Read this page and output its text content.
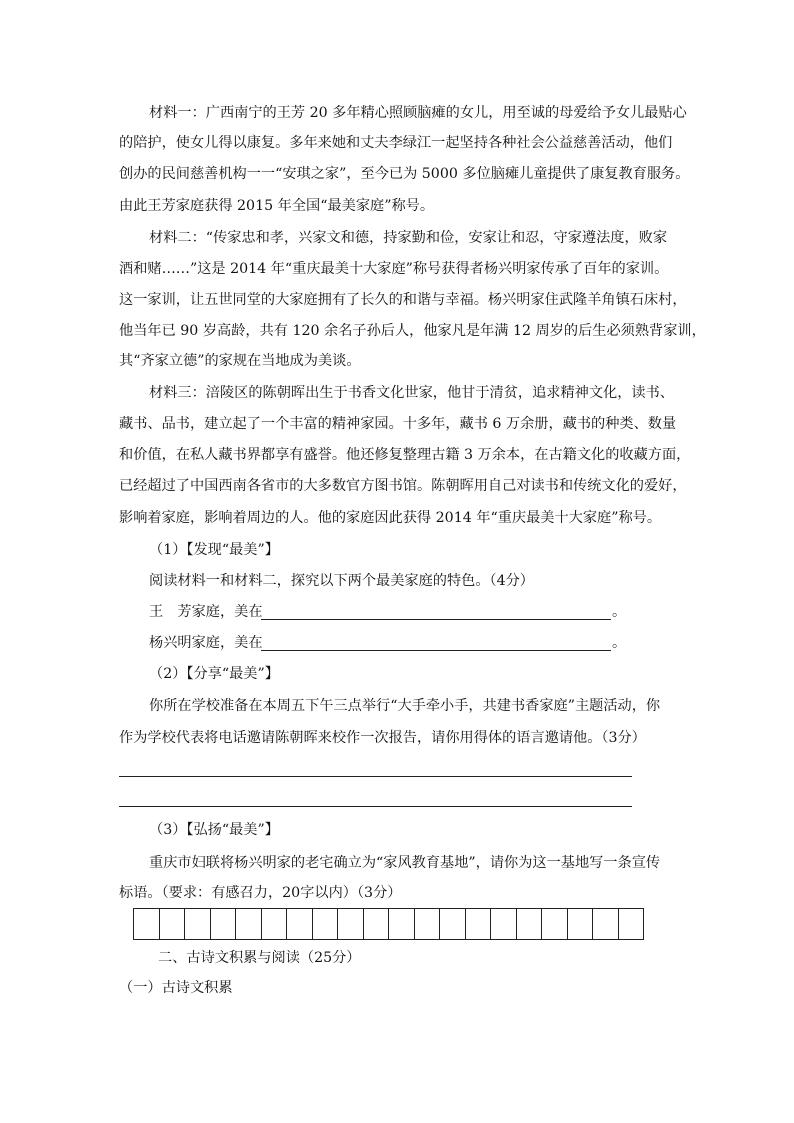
材料一：广西南宁的王芳 20 多年精心照顾脑瘫的女儿，用至诚的母爱给予女儿最贴心
的陪护，使女儿得以康复。多年来她和丈夫李绿江一起坚持各种社会公益慈善活动，他们
创办的民间慈善机构一一“安琪之家”，至今已为 5000 多位脑瘫儿童提供了康复教育服务。
由此王芳家庭获得 2015 年全国“最美家庭”称号。
材料二：“传家忠和孝，兴家文和德，持家勤和俭，安家让和忍，守家遵法度，败家
酒和赌……”这是 2014 年“重庆最美十大家庭”称号获得者杨兴明家传承了百年的家训。
这一家训，让五世同堂的大家庭拥有了长久的和谐与幸福。杨兴明家住武隆羊角镇石床村，
他当年已 90 岁高龄，共有 120 余名子孙后人，他家凡是年满 12 周岁的后生必须熟背家训，
其“齐家立德”的家规在当地成为美谈。
材料三：涪陵区的陈朝晖出生于书香文化世家，他甘于清贫，追求精神文化，读书、
藏书、品书，建立起了一个丰富的精神家园。十多年，藏书 6 万余册，藏书的种类、数量
和价值，在私人藏书界都享有盛誉。他还修复整理古籍 3 万余本，在古籍文化的收藏方面，
已经超过了中国西南各省市的大多数官方图书馆。陈朝晖用自己对读书和传统文化的爱好，
影响着家庭，影响着周边的人。他的家庭因此获得 2014 年“重庆最美十大家庭”称号。
（1）【发现“最美”】
阅读材料一和材料二，探究以下两个最美家庭的特色。（4分）
王　芳家庭，美在	。
杨兴明家庭，美在	。
（2）【分享“最美”】
你所在学校准备在本周五下午三点举行“大手牵小手，共建书香家庭”主题活动，你
作为学校代表将电话邀请陈朝晖来校作一次报告，请你用得体的语言邀请他。（3分）
（3）【弘扬“最美”】
重庆市妇联将杨兴明家的老宅确立为“家风教育基地”，请你为这一基地写一条宣传
标语。（要求：有感召力，20字以内）（3分）
二、古诗文积累与阅读（25分）
（一）古诗文积累
